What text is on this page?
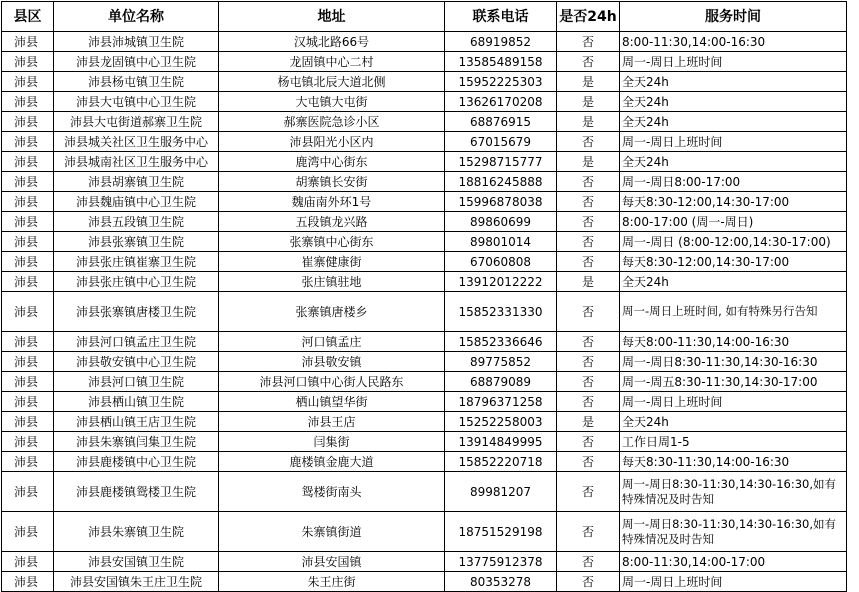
县区	单位名称	地址	联系电话	是否24h	服务时间
沛县	沛县沛城镇卫生院	汉城北路66号	68919852	否	8:00-11:30,14:00-16:30
沛县	沛县龙固镇中心卫生院	龙固镇中心二村	13585489158	否	周一-周日上班时间
沛县	沛县杨屯镇卫生院	杨屯镇北辰大道北侧	15952225303	是	全天24h
沛县	沛县大屯镇中心卫生院	大屯镇大屯街	13626170208	是	全天24h
沛县	沛县大屯街道郝寨卫生院	郝寨医院急诊小区	68876915	是	全天24h
沛县	沛县城关社区卫生服务中心	沛县阳光小区内	67015679	否	周一-周日上班时间
沛县	沛县城南社区卫生服务中心	鹿湾中心街东	15298715777	是	全天24h
沛县	沛县胡寨镇卫生院	胡寨镇长安街	18816245888	否	周一-周日8:00-17:00
沛县	沛县魏庙镇中心卫生院	魏庙南外环1号	15996878038	否	每天8:30-12:00,14:30-17:00
沛县	沛县五段镇卫生院	五段镇龙兴路	89860699	否	8:00-17:00 (周一-周日)
沛县	沛县张寨镇卫生院	张寨镇中心街东	89801014	否	周一-周日 (8:00-12:00,14:30-17:00)
沛县	沛县张庄镇崔寨卫生院	崔寨健康街	67060808	否	每天8:30-12:00,14:30-17:00
沛县	沛县张庄镇中心卫生院	张庄镇驻地	13912012222	是	全天24h
沛县	沛县张寨镇唐楼卫生院	张寨镇唐楼乡	15852331330	否	周一-周日上班时间, 如有特殊另行告知
沛县	沛县河口镇孟庄卫生院	河口镇孟庄	15852336646	否	每天8:00-11:30,14:00-16:30
沛县	沛县敬安镇中心卫生院	沛县敬安镇	89775852	否	周一-周日8:30-11:30,14:30-16:30
沛县	沛县河口镇卫生院	沛县河口镇中心街人民路东	68879089	否	周一-周五8:30-11:30,14:30-17:00
沛县	沛县栖山镇卫生院	栖山镇望华街	18796371258	否	周一-周日上班时间
沛县	沛县栖山镇王店卫生院	沛县王店	15252258003	是	全天24h
沛县	沛县朱寨镇闫集卫生院	闫集街	13914849995	否	工作日周1-5
沛县	沛县鹿楼镇中心卫生院	鹿楼镇金鹿大道	15852220718	否	每天8:30-11:30,14:00-16:30
沛县	沛县鹿楼镇鸳楼卫生院	鸳楼街南头	89981207	否	周一-周日8:30-11:30,14:30-16:30,如有特殊情况及时告知
沛县	沛县朱寨镇卫生院	朱寨镇街道	18751529198	否	周一-周日8:30-11:30,14:30-16:30,如有特殊情况及时告知
沛县	沛县安国镇卫生院	沛县安国镇	13775912378	否	8:00-11:30,14:00-17:00
沛县	沛县安国镇朱王庄卫生院	朱王庄街	80353278	否	周一-周日上班时间
